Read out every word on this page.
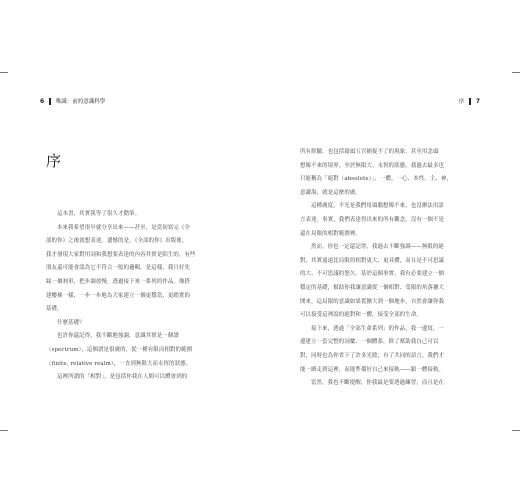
6 唯識：前的意識科學
序
這本書，其實我等了很久才動筆。
本來我希望很早就分享出來——甚至，是當初寫完《全
部的你》之後就想表達。遺憾的是，《全部的你》出版後，
我才發現大家對用詞和我想要表達的內容其實是陌生的，有些
朋友還可能會認為它不符合一般的邏輯。是這樣，我只好先
踩一個剎車，把步調放慢，透過接下來一系列的作品，像搭
建樓梯一樣，一步一步地為大家建立一個更穩當、更踏實的
基礎。
什麼基礎？
也許你還記得，我不斷地強調，意識其實是一個譜
（spectrum），這個譜是很廣的，從一種有限而相對的範圍
（finite, relative realm），一直到無限大而永恆的狀態。
這裡所謂的「相對」，是包括你我在人間可以體會到的
序 7
所有經驗，也包括藉頭五官捕捉不了的現象，甚至用念頭
想像不來的境界。至於無限大、永恆的狀態，我過去最多也
只能稱為「絕對（absolute）」、一體、一心、本性、主、神，
意識海，就是這麼的廣。
這種廣度，不光是我們用頭腦想像不來，也沒辦法用語
言表達。事實，我們表達得出來的所有觀念，沒有一個不是
還在局限的相對範圍裡。
然而，你也一定還記得，我過去不斷強調——無限的絕
對，其實遠遠比局限的相對更大、更具體，而且是不可思議
的大、不可思議的悠久。基於這個事實，我有必要建立一個
穩定的基礎，幫助你我讓意識從一個相對、受限的角落擴大
開來。這局限的意識如果從擴大到一個地步，自然會讓你我
可以接受這裡說的絕對和一體，接受全部的生命。
接下來，透過「全部生命系列」的作品，我一邊寫，一
邊建立一套完整的詞彙、一個體系。除了幫助我自己可以
對，同時也為你省下了許多光陰，有了共同的語言，我們才
能一路走到這裡，而能準備好自己來接軌——跟一體接軌。
當然，我也不斷提醒，你我最是要透過練習，而且是在
